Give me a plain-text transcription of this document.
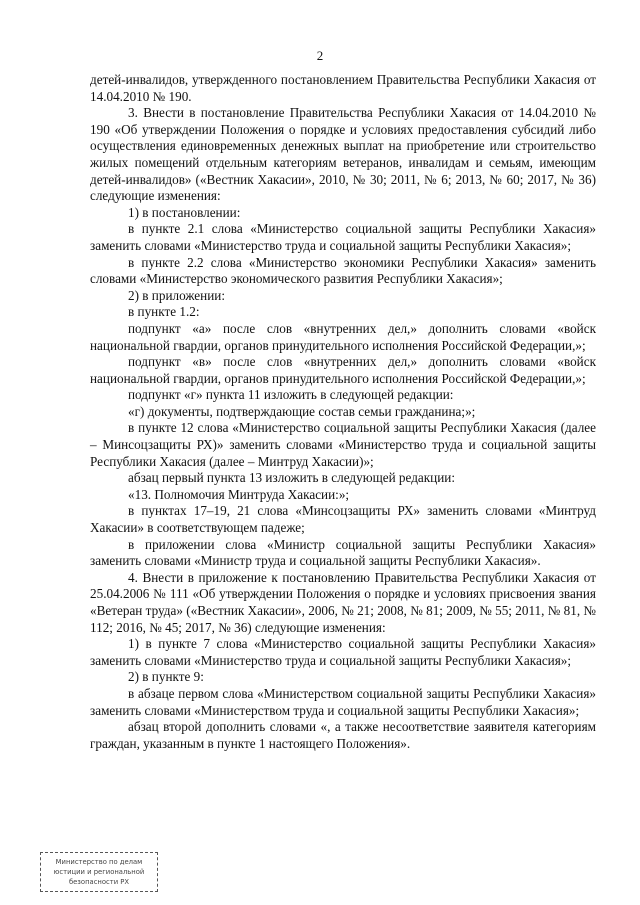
2

детей-инвалидов, утвержденного постановлением Правительства Республики Хакасия от 14.04.2010 № 190.

3. Внести в постановление Правительства Республики Хакасия от 14.04.2010 № 190 «Об утверждении Положения о порядке и условиях предоставления субсидий либо осуществления единовременных денежных выплат на приобретение или строительство жилых помещений отдельным категориям ветеранов, инвалидам и семьям, имеющим детей-инвалидов» («Вестник Хакасии», 2010, № 30; 2011, № 6; 2013, № 60; 2017, № 36) следующие изменения:

1) в постановлении:

в пункте 2.1 слова «Министерство социальной защиты Республики Хакасия» заменить словами «Министерство труда и социальной защиты Республики Хакасия»;

в пункте 2.2 слова «Министерство экономики Республики Хакасия» заменить словами «Министерство экономического развития Республики Хакасия»;

2) в приложении:

в пункте 1.2:

подпункт «а» после слов «внутренних дел,» дополнить словами «войск национальной гвардии, органов принудительного исполнения Российской Федерации,»;

подпункт «в» после слов «внутренних дел,» дополнить словами «войск национальной гвардии, органов принудительного исполнения Российской Федерации,»;

подпункт «г» пункта 11 изложить в следующей редакции:

«г) документы, подтверждающие состав семьи гражданина;»;

в пункте 12 слова «Министерство социальной защиты Республики Хакасия (далее – Минсоцзащиты РХ)» заменить словами «Министерство труда и социальной защиты Республики Хакасия (далее – Минтруд Хакасии)»;

абзац первый пункта 13 изложить в следующей редакции:

«13. Полномочия Минтруда Хакасии:»;

в пунктах 17–19, 21 слова «Минсоцзащиты РХ» заменить словами «Минтруд Хакасии» в соответствующем падеже;

в приложении слова «Министр социальной защиты Республики Хакасия» заменить словами «Министр труда и социальной защиты Республики Хакасия».

4. Внести в приложение к постановлению Правительства Республики Хакасия от 25.04.2006 № 111 «Об утверждении Положения о порядке и условиях присвоения звания «Ветеран труда» («Вестник Хакасии», 2006, № 21; 2008, № 81; 2009, № 55; 2011, № 81, № 112; 2016, № 45; 2017, № 36) следующие изменения:

1) в пункте 7 слова «Министерство социальной защиты Республики Хакасия» заменить словами «Министерство труда и социальной защиты Республики Хакасия»;

2) в пункте 9:

в абзаце первом слова «Министерством социальной защиты Республики Хакасия» заменить словами «Министерством труда и социальной защиты Республики Хакасия»;

абзац второй дополнить словами «, а также несоответствие заявителя категориям граждан, указанным в пункте 1 настоящего Положения».

Министерство по делам
юстиции и региональной
безопасности РХ
